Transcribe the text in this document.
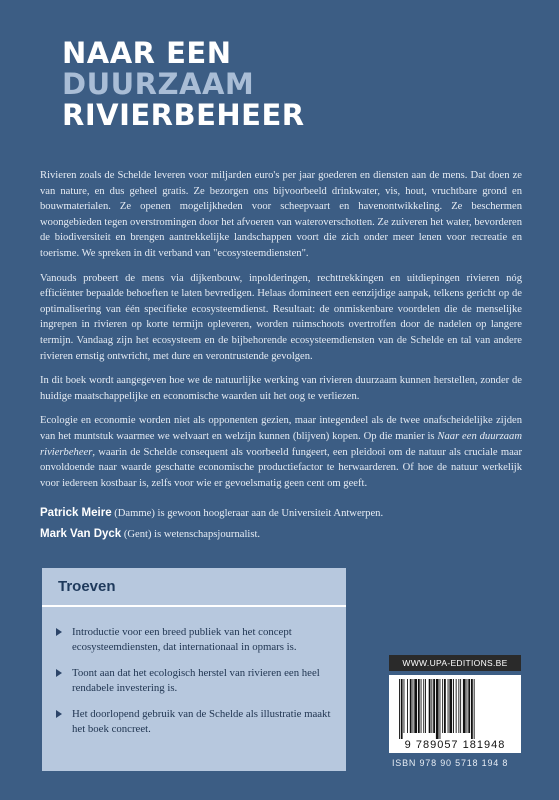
NAAR EEN
DUURZAAM
RIVIERBEHEER

Rivieren zoals de Schelde leveren voor miljarden euro's per jaar goederen en diensten aan de mens. Dat doen ze van nature, en dus geheel gratis. Ze bezorgen ons bijvoorbeeld drinkwater, vis, hout, vruchtbare grond en bouwmaterialen. Ze openen mogelijkheden voor scheepvaart en havenontwikkeling. Ze beschermen woongebieden tegen overstromingen door het afvoeren van wateroverschotten. Ze zuiveren het water, bevorderen de biodiversiteit en brengen aantrekkelijke landschappen voort die zich onder meer lenen voor recreatie en toerisme. We spreken in dit verband van "ecosysteemdiensten".

Vanouds probeert de mens via dijkenbouw, inpolderingen, rechttrekkingen en uitdiepingen rivieren nóg efficiënter bepaalde behoeften te laten bevredigen. Helaas domineert een eenzijdige aanpak, telkens gericht op de optimalisering van één specifieke ecosysteemdienst. Resultaat: de onmiskenbare voordelen die de menselijke ingrepen in rivieren op korte termijn opleveren, worden ruimschoots overtroffen door de nadelen op langere termijn. Vandaag zijn het ecosysteem en de bijbehorende ecosysteemdiensten van de Schelde en tal van andere rivieren ernstig ontwricht, met dure en verontrustende gevolgen.

In dit boek wordt aangegeven hoe we de natuurlijke werking van rivieren duurzaam kunnen herstellen, zonder de huidige maatschappelijke en economische waarden uit het oog te verliezen.

Ecologie en economie worden niet als opponenten gezien, maar integendeel als de twee onafscheidelijke zijden van het muntstuk waarmee we welvaart en welzijn kunnen (blijven) kopen. Op die manier is Naar een duurzaam rivierbeheer, waarin de Schelde consequent als voorbeeld fungeert, een pleidooi om de natuur als cruciale maar onvoldoende naar waarde geschatte economische productiefactor te herwaarderen. Of hoe de natuur werkelijk voor iedereen kostbaar is, zelfs voor wie er gevoelsmatig geen cent om geeft.

Patrick Meire (Damme) is gewoon hoogleraar aan de Universiteit Antwerpen.

Mark Van Dyck (Gent) is wetenschapsjournalist.

Troeven
Introductie voor een breed publiek van het concept ecosysteemdiensten, dat internationaal in opmars is.
Toont aan dat het ecologisch herstel van rivieren een heel rendabele investering is.
Het doorlopend gebruik van de Schelde als illustratie maakt het boek concreet.
WWW.UPA-EDITIONS.BE
9 789057 181948
ISBN 978 90 5718 194 8
